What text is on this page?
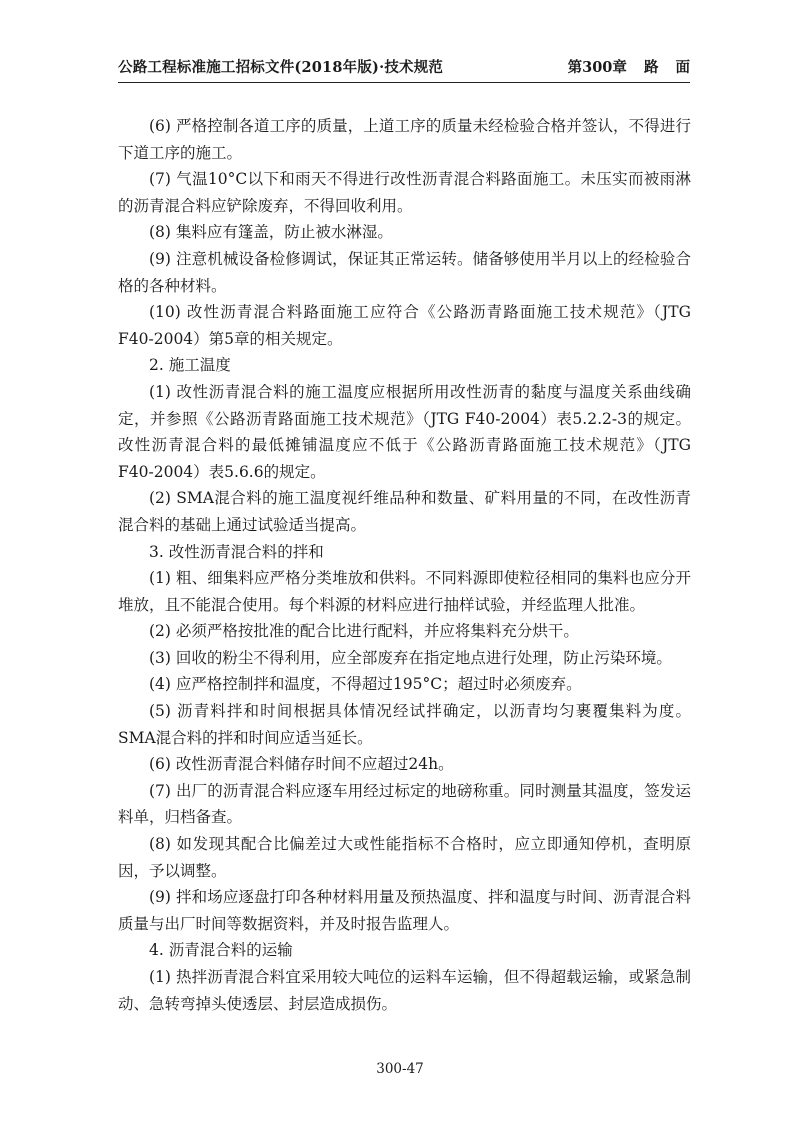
公路工程标准施工招标文件(2018年版)·技术规范	第300章 路 面

(6) 严格控制各道工序的质量，上道工序的质量未经检验合格并签认，不得进行下道工序的施工。

(7) 气温10°C以下和雨天不得进行改性沥青混合料路面施工。未压实而被雨淋的沥青混合料应铲除废弃，不得回收利用。

(8) 集料应有篷盖，防止被水淋湿。

(9) 注意机械设备检修调试，保证其正常运转。储备够使用半月以上的经检验合格的各种材料。

(10) 改性沥青混合料路面施工应符合《公路沥青路面施工技术规范》（JTG F40-2004）第5章的相关规定。

2. 施工温度

(1) 改性沥青混合料的施工温度应根据所用改性沥青的黏度与温度关系曲线确定，并参照《公路沥青路面施工技术规范》（JTG F40-2004）表5.2.2-3的规定。改性沥青混合料的最低摊铺温度应不低于《公路沥青路面施工技术规范》（JTG F40-2004）表5.6.6的规定。

(2) SMA混合料的施工温度视纤维品种和数量、矿料用量的不同，在改性沥青混合料的基础上通过试验适当提高。

3. 改性沥青混合料的拌和

(1) 粗、细集料应严格分类堆放和供料。不同料源即使粒径相同的集料也应分开堆放，且不能混合使用。每个料源的材料应进行抽样试验，并经监理人批准。

(2) 必须严格按批准的配合比进行配料，并应将集料充分烘干。

(3) 回收的粉尘不得利用，应全部废弃在指定地点进行处理，防止污染环境。

(4) 应严格控制拌和温度，不得超过195°C；超过时必须废弃。

(5) 沥青料拌和时间根据具体情况经试拌确定，以沥青均匀裹覆集料为度。SMA混合料的拌和时间应适当延长。

(6) 改性沥青混合料储存时间不应超过24h。

(7) 出厂的沥青混合料应逐车用经过标定的地磅称重。同时测量其温度，签发运料单，归档备查。

(8) 如发现其配合比偏差过大或性能指标不合格时，应立即通知停机，查明原因，予以调整。

(9) 拌和场应逐盘打印各种材料用量及预热温度、拌和温度与时间、沥青混合料质量与出厂时间等数据资料，并及时报告监理人。

4. 沥青混合料的运输

(1) 热拌沥青混合料宜采用较大吨位的运料车运输，但不得超载运输，或紧急制动、急转弯掉头使透层、封层造成损伤。

300-47
